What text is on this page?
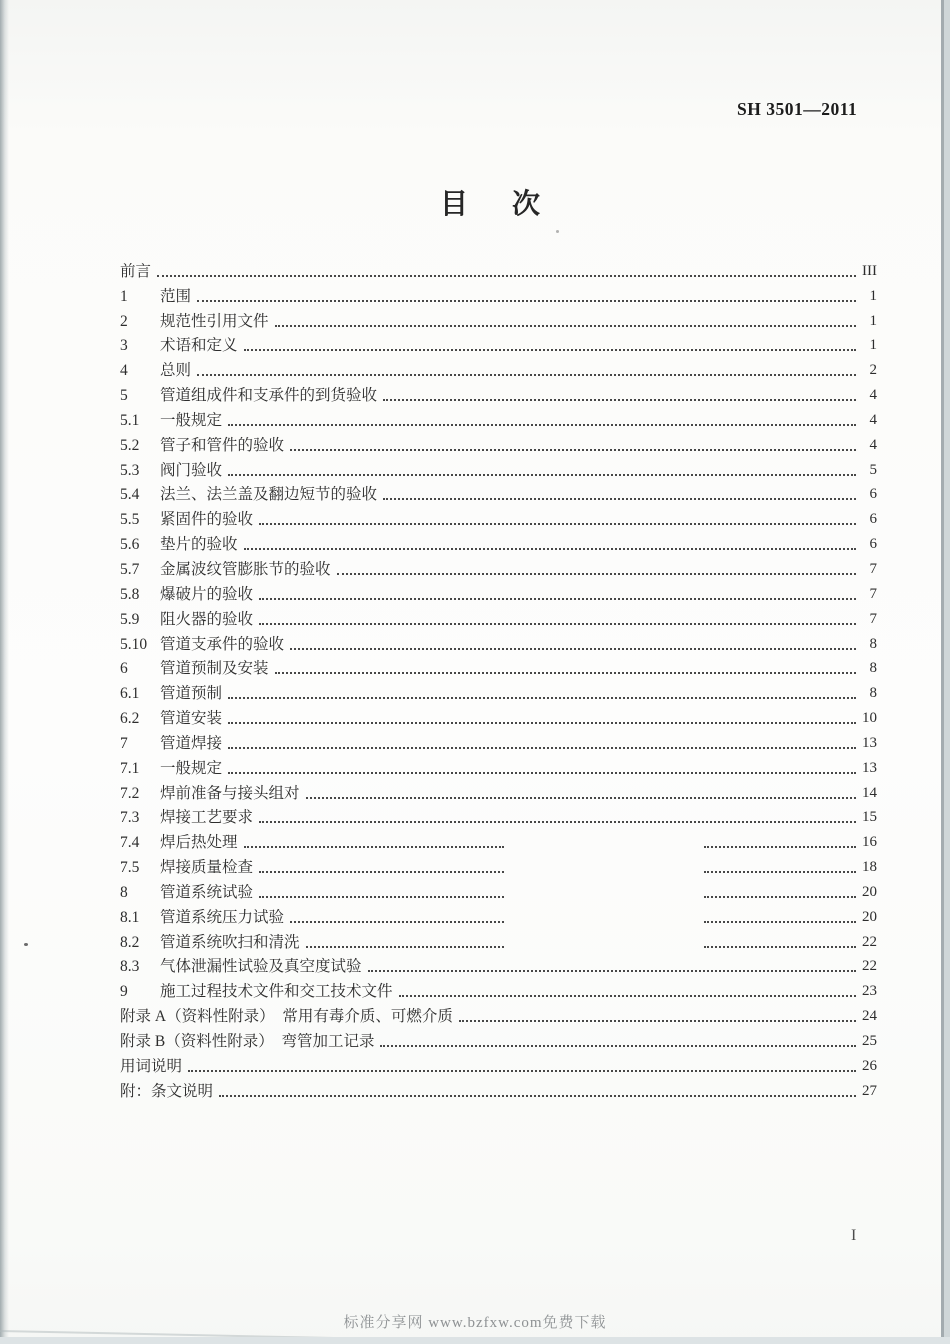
SH 3501—2011
目　次
前言	III
1	范围	1
2	规范性引用文件	1
3	术语和定义	1
4	总则	2
5	管道组成件和支承件的到货验收	4
5.1	一般规定	4
5.2	管子和管件的验收	4
5.3	阀门验收	5
5.4	法兰、法兰盖及翻边短节的验收	6
5.5	紧固件的验收	6
5.6	垫片的验收	6
5.7	金属波纹管膨胀节的验收	7
5.8	爆破片的验收	7
5.9	阻火器的验收	7
5.10 管道支承件的验收	8
6	管道预制及安装	8
6.1	管道预制	8
6.2	管道安装	10
7	管道焊接	13
7.1	一般规定	13
7.2	焊前准备与接头组对	14
7.3	焊接工艺要求	15
7.4	焊后热处理	16
7.5	焊接质量检查	18
8	管道系统试验	20
8.1	管道系统压力试验	20
8.2	管道系统吹扫和清洗	22
8.3	气体泄漏性试验及真空度试验	22
9	施工过程技术文件和交工技术文件	23
附录 A （资料性附录）　常用有毒介质、可燃介质	24
附录 B （资料性附录）　弯管加工记录	25
用词说明	26
附：条文说明	27
I
标准分享网 www.bzfxw.com免费下载
